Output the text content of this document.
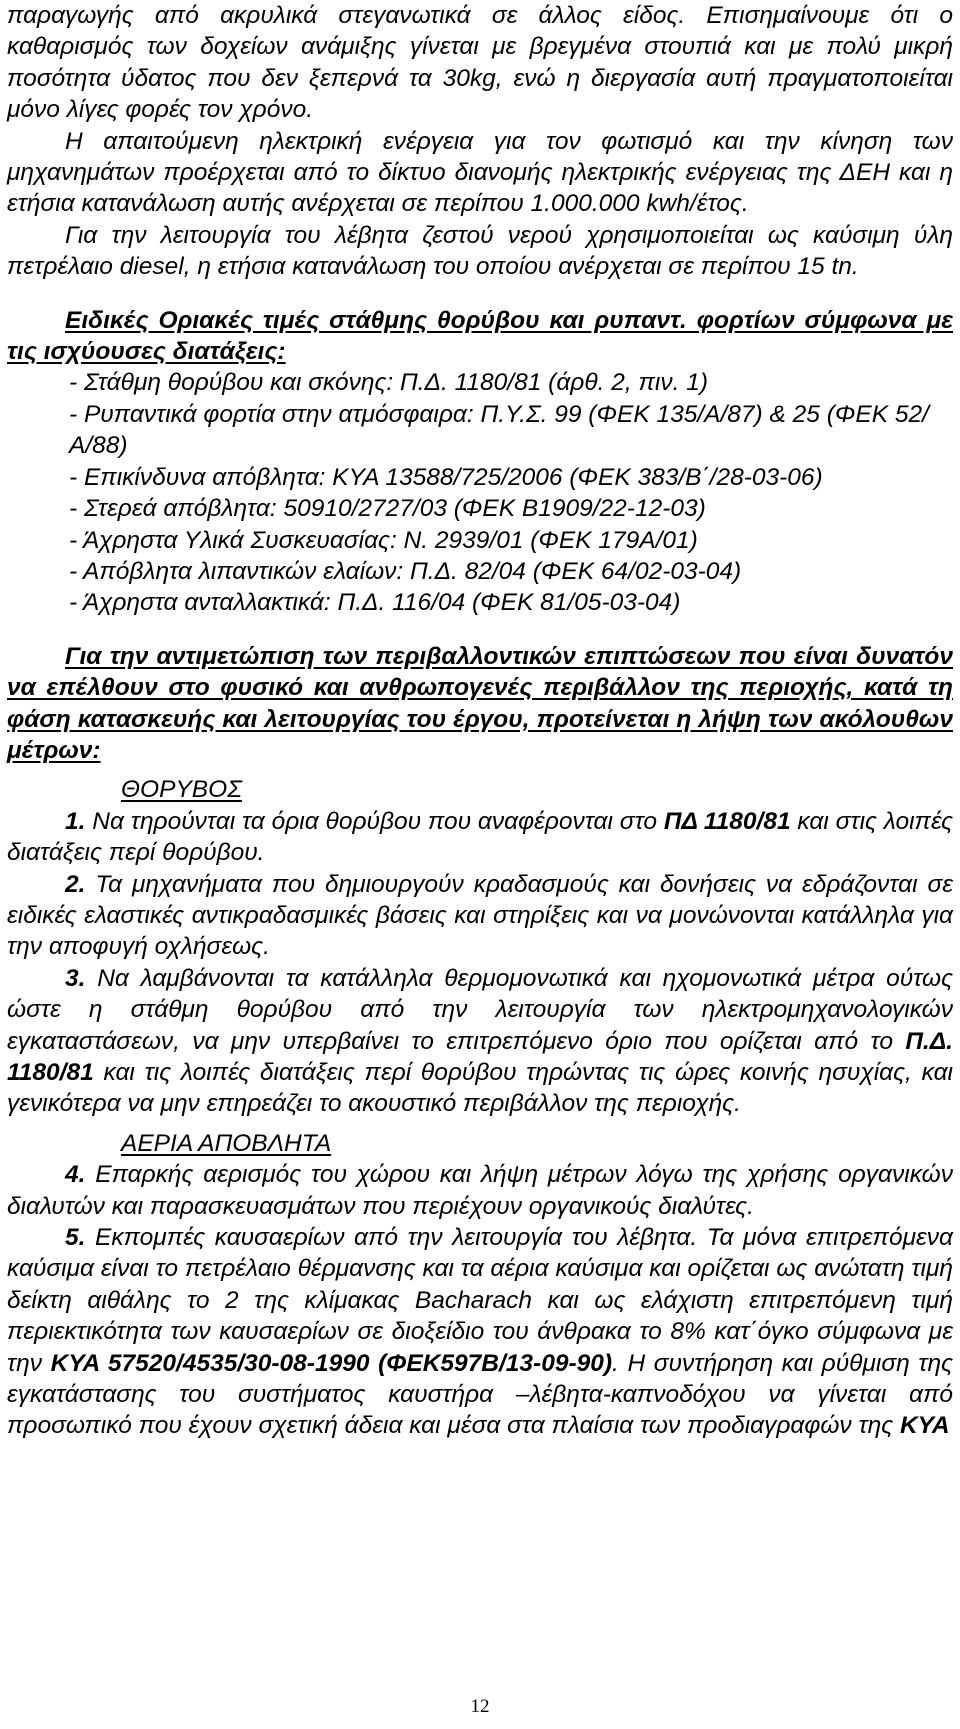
παραγωγής από ακρυλικά στεγανωτικά σε άλλος είδος. Επισημαίνουμε ότι ο καθαρισμός των δοχείων ανάμιξης γίνεται με βρεγμένα στουπιά και με πολύ μικρή ποσότητα ύδατος που δεν ξεπερνά τα 30kg, ενώ η διεργασία αυτή πραγματοποιείται μόνο λίγες φορές τον χρόνο.

Η απαιτούμενη ηλεκτρική ενέργεια για τον φωτισμό και την κίνηση των μηχανημάτων προέρχεται από το δίκτυο διανομής ηλεκτρικής ενέργειας της ΔΕΗ και η ετήσια κατανάλωση αυτής ανέρχεται σε περίπου 1.000.000 kwh/έτος.

Για την λειτουργία του λέβητα ζεστού νερού χρησιμοποιείται ως καύσιμη ύλη πετρέλαιο diesel, η ετήσια κατανάλωση του οποίου ανέρχεται σε περίπου 15 tn.

Ειδικές Οριακές τιμές στάθμης θορύβου και ρυπαντ. φορτίων σύμφωνα με τις ισχύουσες διατάξεις:

- Στάθμη θορύβου και σκόνης: Π.Δ. 1180/81 (άρθ. 2, πιν. 1)

- Ρυπαντικά φορτία στην ατμόσφαιρα: Π.Υ.Σ. 99 (ΦΕΚ 135/Α/87) & 25 (ΦΕΚ 52/Α/88)

- Επικίνδυνα απόβλητα: ΚΥΑ 13588/725/2006 (ΦΕΚ 383/Β΄/28-03-06)

- Στερεά απόβλητα: 50910/2727/03 (ΦΕΚ Β1909/22-12-03)

- Άχρηστα Υλικά Συσκευασίας: Ν. 2939/01 (ΦΕΚ 179Α/01)

- Απόβλητα λιπαντικών ελαίων: Π.Δ. 82/04 (ΦΕΚ 64/02-03-04)

- Άχρηστα ανταλλακτικά: Π.Δ. 116/04 (ΦΕΚ 81/05-03-04)

Για την αντιμετώπιση των περιβαλλοντικών επιπτώσεων που είναι δυνατόν να επέλθουν στο φυσικό και ανθρωπογενές περιβάλλον της περιοχής, κατά τη φάση κατασκευής και λειτουργίας του έργου, προτείνεται η λήψη των ακόλουθων μέτρων:

ΘΟΡΥΒΟΣ

1. Να τηρούνται τα όρια θορύβου που αναφέρονται στο ΠΔ 1180/81 και στις λοιπές διατάξεις περί θορύβου.

2. Τα μηχανήματα που δημιουργούν κραδασμούς και δονήσεις να εδράζονται σε ειδικές ελαστικές αντικραδασμικές βάσεις και στηρίξεις και να μονώνονται κατάλληλα για την αποφυγή οχλήσεως.

3. Να λαμβάνονται τα κατάλληλα θερμομονωτικά και ηχομονωτικά μέτρα ούτως ώστε η στάθμη θορύβου από την λειτουργία των ηλεκτρομηχανολογικών εγκαταστάσεων, να μην υπερβαίνει το επιτρεπόμενο όριο που ορίζεται από το Π.Δ. 1180/81 και τις λοιπές διατάξεις περί θορύβου τηρώντας τις ώρες κοινής ησυχίας, και γενικότερα να μην επηρεάζει το ακουστικό περιβάλλον της περιοχής.

ΑΕΡΙΑ ΑΠΟΒΛΗΤΑ

4. Επαρκής αερισμός του χώρου και λήψη μέτρων λόγω της χρήσης οργανικών διαλυτών και παρασκευασμάτων που περιέχουν οργανικούς διαλύτες.

5. Εκπομπές καυσαερίων από την λειτουργία του λέβητα. Τα μόνα επιτρεπόμενα καύσιμα είναι το πετρέλαιο θέρμανσης και τα αέρια καύσιμα και ορίζεται ως ανώτατη τιμή δείκτη αιθάλης το 2 της κλίμακας Bacharach και ως ελάχιστη επιτρεπόμενη τιμή περιεκτικότητα των καυσαερίων σε διοξείδιο του άνθρακα το 8% κατ΄όγκο σύμφωνα με την ΚΥΑ 57520/4535/30-08-1990 (ΦΕΚ597Β/13-09-90). Η συντήρηση και ρύθμιση της εγκατάστασης του συστήματος καυστήρα –λέβητα-καπνοδόχου να γίνεται από προσωπικό που έχουν σχετική άδεια και μέσα στα πλαίσια των προδιαγραφών της ΚΥΑ

12
